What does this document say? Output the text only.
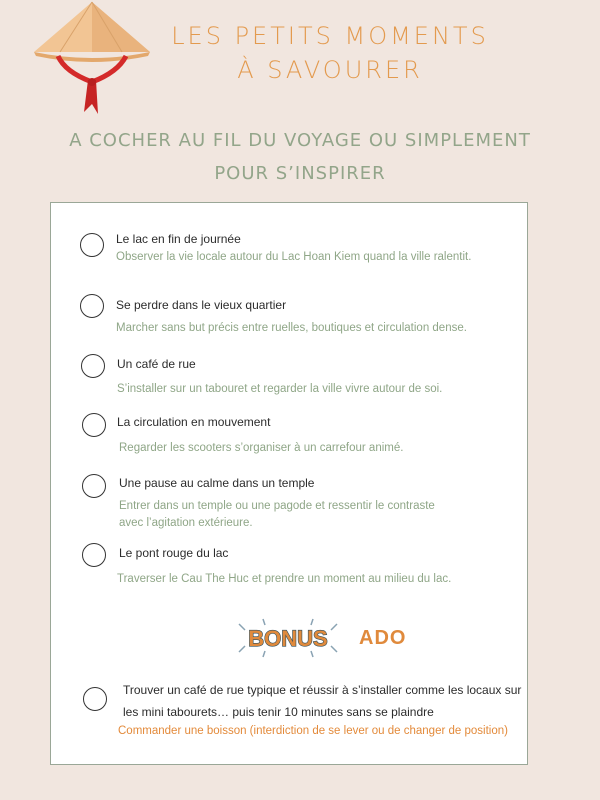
LES PETITS MOMENTS
À SAVOURER
A COCHER AU FIL DU VOYAGE OU SIMPLEMENT
POUR S’INSPIRER
Le lac en fin de journée
Observer la vie locale autour du Lac Hoan Kiem quand la ville ralentit.
Se perdre dans le vieux quartier
Marcher sans but précis entre ruelles, boutiques et circulation dense.
Un café de rue
S’installer sur un tabouret et regarder la ville vivre autour de soi.
La circulation en mouvement
Regarder les scooters s’organiser à un carrefour animé.
Une pause au calme dans un temple
Entrer dans un temple ou une pagode et ressentir le contraste
avec l’agitation extérieure.
Le pont rouge du lac
Traverser le Cau The Huc et prendre un moment au milieu du lac.
BONUS ADO
Trouver un café de rue typique et réussir à s’installer comme les locaux sur
les mini tabourets… puis tenir 10 minutes sans se plaindre
Commander une boisson (interdiction de se lever ou de changer de position)
